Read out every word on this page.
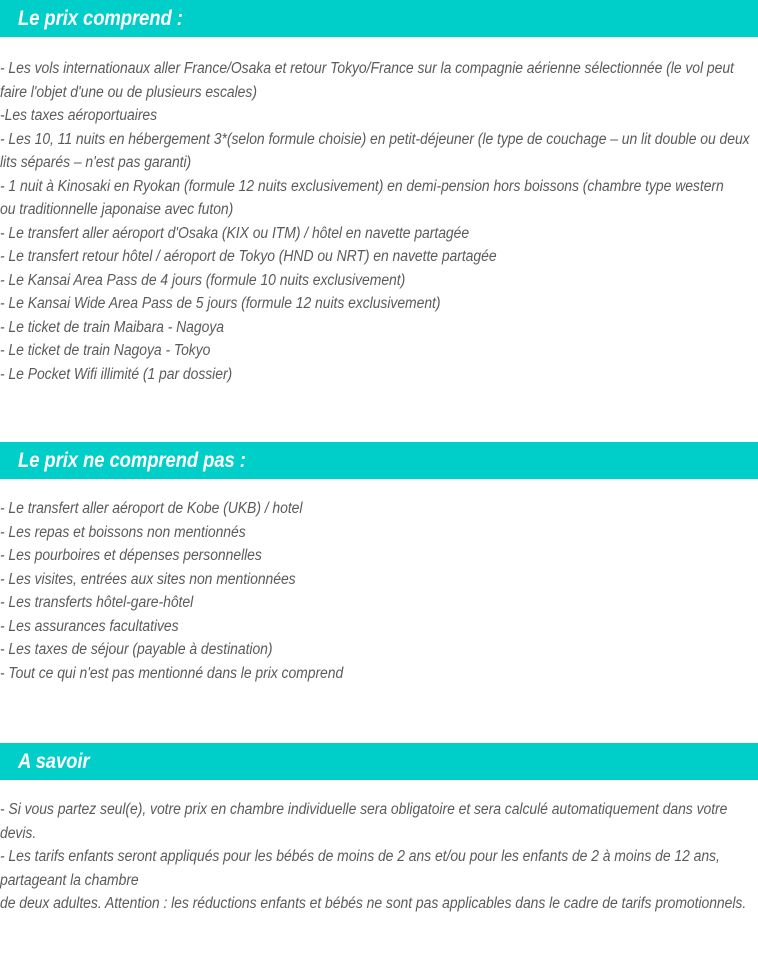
Le prix comprend :
- Les vols internationaux aller France/Osaka et retour Tokyo/France sur la compagnie aérienne sélectionnée (le vol peut
faire l'objet d'une ou de plusieurs escales)
-Les taxes aéroportuaires
- Les 10, 11 nuits en hébergement 3*(selon formule choisie) en petit-déjeuner (le type de couchage – un lit double ou deux
lits séparés – n'est pas garanti)
- 1 nuit à Kinosaki en Ryokan (formule 12 nuits exclusivement) en demi-pension hors boissons (chambre type western
ou traditionnelle japonaise avec futon)
- Le transfert aller aéroport d'Osaka (KIX ou ITM) / hôtel en navette partagée
- Le transfert retour hôtel / aéroport de Tokyo (HND ou NRT) en navette partagée
- Le Kansai Area Pass de 4 jours (formule 10 nuits exclusivement)
- Le Kansai Wide Area Pass de 5 jours (formule 12 nuits exclusivement)
- Le ticket de train Maibara - Nagoya
- Le ticket de train Nagoya - Tokyo
- Le Pocket Wifi illimité (1 par dossier)
Le prix ne comprend pas :
- Le transfert aller aéroport de Kobe (UKB) / hotel
- Les repas et boissons non mentionnés
- Les pourboires et dépenses personnelles
- Les visites, entrées aux sites non mentionnées
- Les transferts hôtel-gare-hôtel
- Les assurances facultatives
- Les taxes de séjour (payable à destination)
- Tout ce qui n'est pas mentionné dans le prix comprend
A savoir
- Si vous partez seul(e), votre prix en chambre individuelle sera obligatoire et sera calculé automatiquement dans votre
devis.
- Les tarifs enfants seront appliqués pour les bébés de moins de 2 ans et/ou pour les enfants de 2 à moins de 12 ans,
partageant la chambre
de deux adultes. Attention : les réductions enfants et bébés ne sont pas applicables dans le cadre de tarifs promotionnels.
